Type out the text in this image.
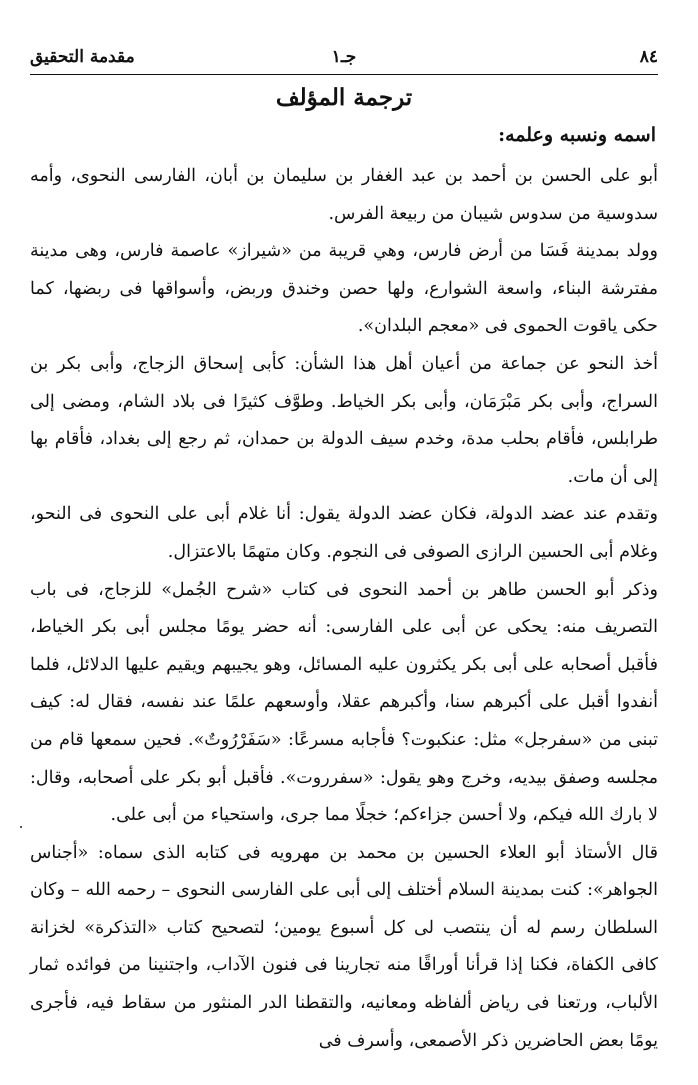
٨٤
جـ١
مقدمة التحقيق
ترجمة المؤلف
اسمه ونسبه وعلمه:

أبو على الحسن بن أحمد بن عبد الغفار بن سليمان بن أبان، الفارسى النحوى، وأمه سدوسية من سدوس شيبان من ربيعة الفرس.

وولد بمدينة فَسَا من أرض فارس، وهي قريبة من «شيراز» عاصمة فارس، وهى مدينة مفترشة البناء، واسعة الشوارع، ولها حصن وخندق وربض، وأسواقها فى ربضها، كما حكى ياقوت الحموى فى «معجم البلدان».

أخذ النحو عن جماعة من أعيان أهل هذا الشأن: كأبى إسحاق الزجاج، وأبى بكر بن السراج، وأبى بكر مَبْرَمَان، وأبى بكر الخياط. وطوَّف كثيرًا فى بلاد الشام، ومضى إلى طرابلس، فأقام بحلب مدة، وخدم سيف الدولة بن حمدان، ثم رجع إلى بغداد، فأقام بها إلى أن مات.

وتقدم عند عضد الدولة، فكان عضد الدولة يقول: أنا غلام أبى على النحوى فى النحو، وغلام أبى الحسين الرازى الصوفى فى النجوم. وكان متهمًا بالاعتزال.

وذكر أبو الحسن طاهر بن أحمد النحوى فى كتاب «شرح الجُمل» للزجاج، فى باب التصريف منه: يحكى عن أبى على الفارسى: أنه حضر يومًا مجلس أبى بكر الخياط، فأقبل أصحابه على أبى بكر يكثرون عليه المسائل، وهو يجيبهم ويقيم عليها الدلائل، فلما أنفدوا أقبل على أكبرهم سنا، وأكبرهم عقلا، وأوسعهم علمًا عند نفسه، فقال له: كيف تبنى من «سفرجل» مثل: عنكبوت؟ فأجابه مسرعًا: «سَفَرْرُوتٌ». فحين سمعها قام من مجلسه وصفق بيديه، وخرج وهو يقول: «سفرروت». فأقبل أبو بكر على أصحابه، وقال: لا بارك الله فيكم، ولا أحسن جزاءكم؛ خجلًا مما جرى، واستحياء من أبى على.

قال الأستاذ أبو العلاء الحسين بن محمد بن مهرويه فى كتابه الذى سماه: «أجناس الجواهر»: كنت بمدينة السلام أختلف إلى أبى على الفارسى النحوى – رحمه الله – وكان السلطان رسم له أن ينتصب لى كل أسبوع يومين؛ لتصحيح كتاب «التذكرة» لخزانة كافى الكفاة، فكنا إذا قرأنا أوراقًا منه تجارينا فى فنون الآداب، واجتنينا من فوائده ثمار الألباب، ورتعنا فى رياض ألفاظه ومعانيه، والتقطنا الدر المنثور من سقاط فيه، فأجرى يومًا بعض الحاضرين ذكر الأصمعى، وأسرف فى
